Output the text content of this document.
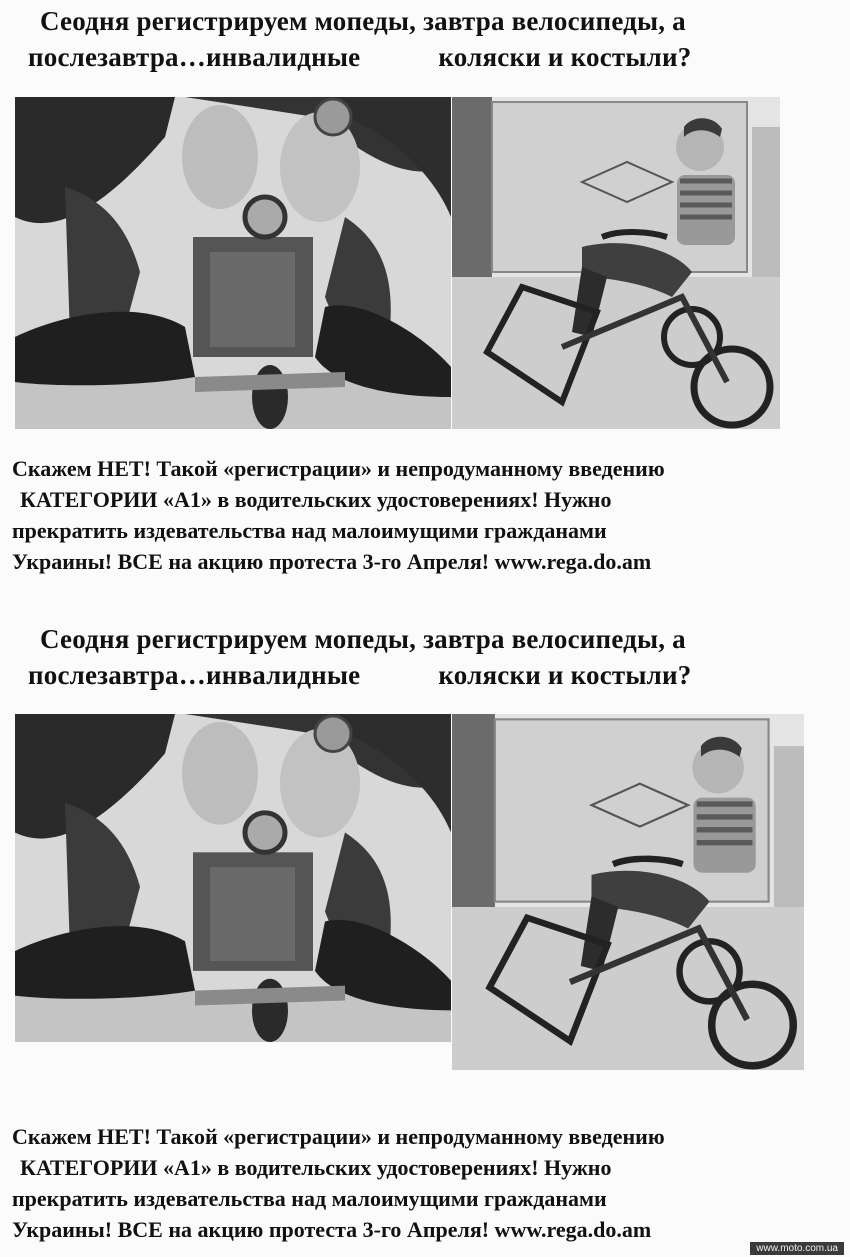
Сеодня регистрируем мопеды, завтра велосипеды, а
послезавтра…инвалидные	коляски и костыли?

Скажем НЕТ! Такой «регистрации» и непродуманному введению
КАТЕГОРИИ «А1» в водительских удостоверениях! Нужно
прекратить издевательства над малоимущими гражданами
Украины! ВСЕ на акцию протеста 3-го Апреля! www.rega.do.am

Сеодня регистрируем мопеды, завтра велосипеды, а
послезавтра…инвалидные	коляски и костыли?

Скажем НЕТ! Такой «регистрации» и непродуманному введению
КАТЕГОРИИ «А1» в водительских удостоверениях! Нужно
прекратить издевательства над малоимущими гражданами
Украины! ВСЕ на акцию протеста 3-го Апреля! www.rega.do.am

www.moto.com.ua
